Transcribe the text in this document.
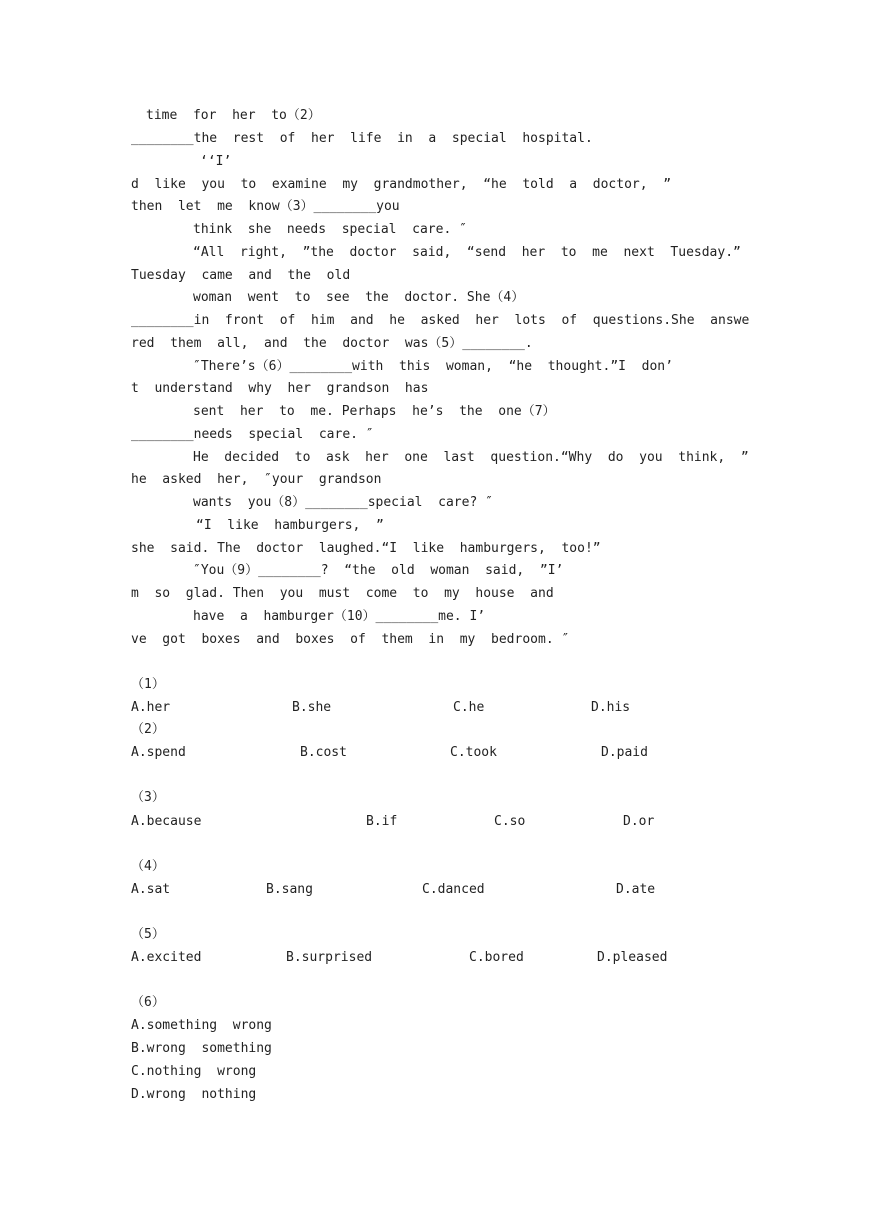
time  for  her  to（2）
________the  rest  of  her  life  in  a  special  hospital.
‘‘I’
d  like  you  to  examine  my  grandmother,  “he  told  a  doctor,  ”
then  let  me  know（3）________you
think  she  needs  special  care. ″
“All  right,  ”the  doctor  said,  “send  her  to  me  next  Tuesday.”
Tuesday  came  and  the  old
woman  went  to  see  the  doctor. She（4）
________in  front  of  him  and  he  asked  her  lots  of  questions.She  answe
red  them  all,  and  the  doctor  was（5）________.
″There’s（6）________with  this  woman,  “he  thought.”I  don’
t  understand  why  her  grandson  has
sent  her  to  me. Perhaps  he’s  the  one（7）
________needs  special  care. ″
He  decided  to  ask  her  one  last  question.“Why  do  you  think,  ”
he  asked  her,  ″your  grandson
wants  you（8）________special  care? ″
“I  like  hamburgers,  ”
she  said. The  doctor  laughed.“I  like  hamburgers,  too!”
″You（9）________?  “the  old  woman  said,  ”I’
m  so  glad. Then  you  must  come  to  my  house  and
have  a  hamburger（10）________me. I’
ve  got  boxes  and  boxes  of  them  in  my  bedroom. ″
（1）
A.her	B.she	C.he	D.his
（2）
A.spend	B.cost	C.took	D.paid
（3）
A.because	B.if	C.so	D.or
（4）
A.sat	B.sang	C.danced	D.ate
（5）
A.excited	B.surprised	C.bored	D.pleased
（6）
A.something  wrong
B.wrong  something
C.nothing  wrong
D.wrong  nothing
